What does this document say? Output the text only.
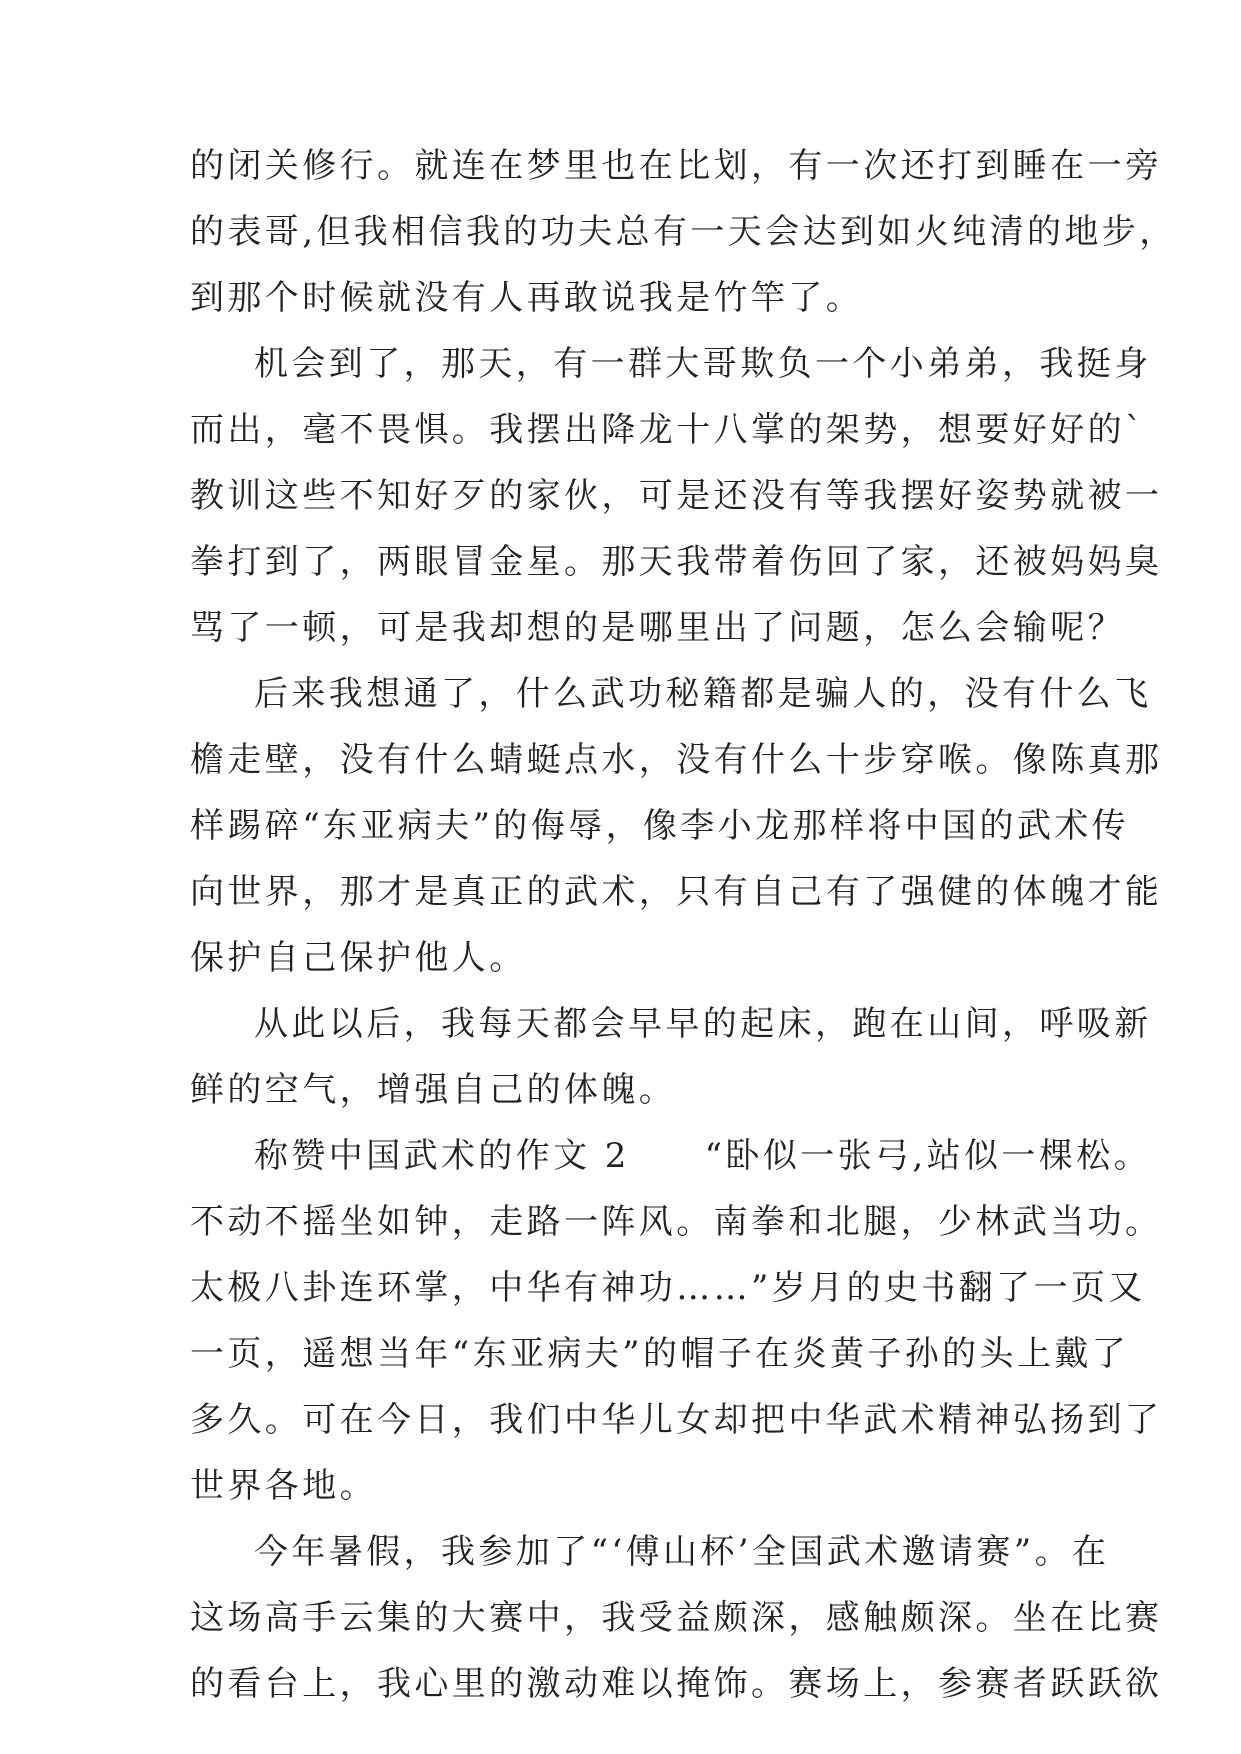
的闭关修行。就连在梦里也在比划，有一次还打到睡在一旁
的表哥,但我相信我的功夫总有一天会达到如火纯清的地步，
到那个时候就没有人再敢说我是竹竿了。
机会到了，那天，有一群大哥欺负一个小弟弟，我挺身
而出，毫不畏惧。我摆出降龙十八掌的架势，想要好好的`
教训这些不知好歹的家伙，可是还没有等我摆好姿势就被一
拳打到了，两眼冒金星。那天我带着伤回了家，还被妈妈臭
骂了一顿，可是我却想的是哪里出了问题，怎么会输呢？
后来我想通了，什么武功秘籍都是骗人的，没有什么飞
檐走壁，没有什么蜻蜓点水，没有什么十步穿喉。像陈真那
样踢碎“东亚病夫”的侮辱，像李小龙那样将中国的武术传
向世界，那才是真正的武术，只有自己有了强健的体魄才能
保护自己保护他人。
从此以后，我每天都会早早的起床，跑在山间，呼吸新
鲜的空气，增强自己的体魄。
称赞中国武术的作文 2　　“卧似一张弓,站似一棵松。
不动不摇坐如钟，走路一阵风。南拳和北腿，少林武当功。
太极八卦连环掌，中华有神功……”岁月的史书翻了一页又
一页，遥想当年“东亚病夫”的帽子在炎黄子孙的头上戴了
多久。可在今日，我们中华儿女却把中华武术精神弘扬到了
世界各地。
今年暑假，我参加了“‘傅山杯’全国武术邀请赛”。在
这场高手云集的大赛中，我受益颇深，感触颇深。坐在比赛
的看台上，我心里的激动难以掩饰。赛场上，参赛者跃跃欲
